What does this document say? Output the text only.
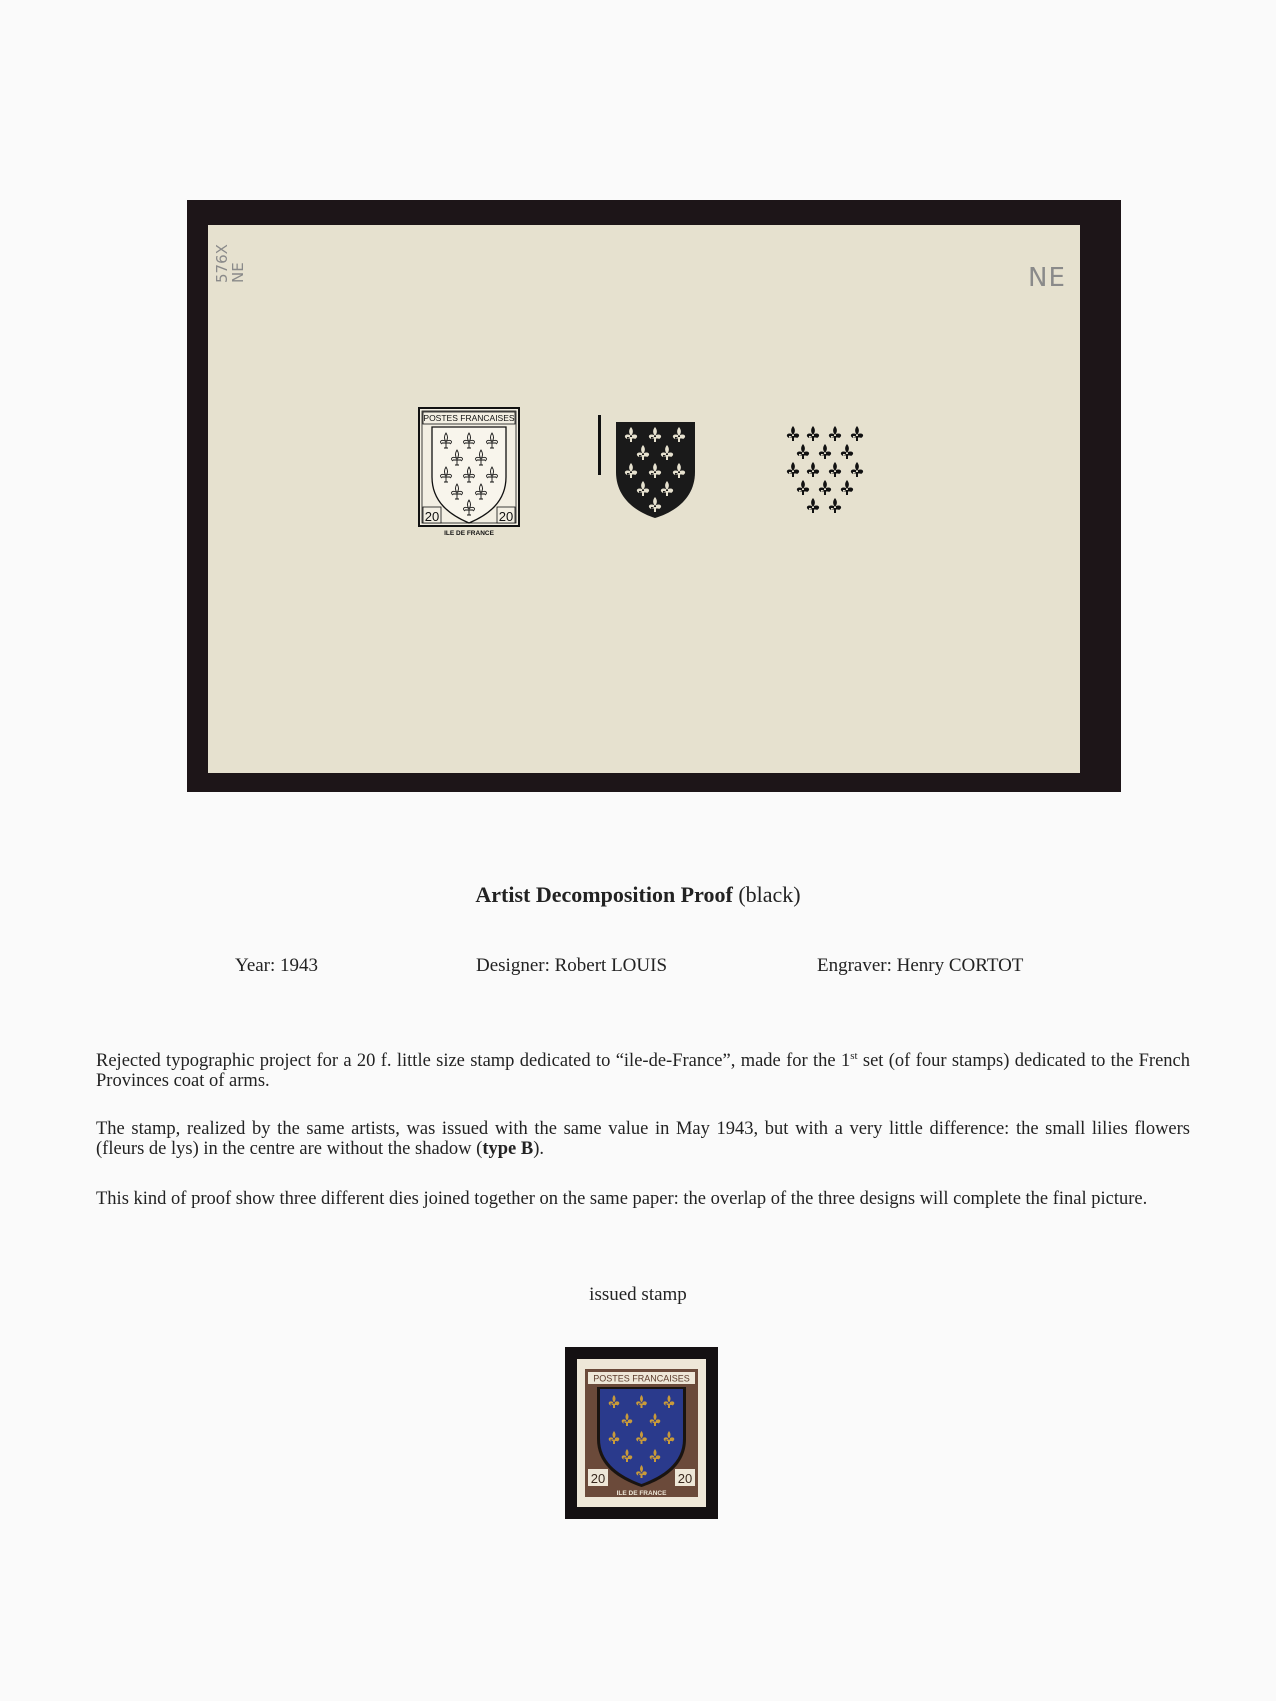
576X
NE	NE
POSTES FRANCAISES
20	20
ILE DE FRANCE
Artist Decomposition Proof (black)
Year: 1943	Designer: Robert LOUIS	Engraver: Henry CORTOT
Rejected typographic project for a 20 f. little size stamp dedicated to “ile-de-France”, made for the 1st set (of four stamps) dedicated to the French Provinces coat of arms.
The stamp, realized by the same artists, was issued with the same value in May 1943, but with a very little difference: the small lilies flowers (fleurs de lys) in the centre are without the shadow (type B).
This kind of proof show three different dies joined together on the same paper: the overlap of the three designs will complete the final picture.
issued stamp
POSTES FRANCAISES
20	20
ILE DE FRANCE
